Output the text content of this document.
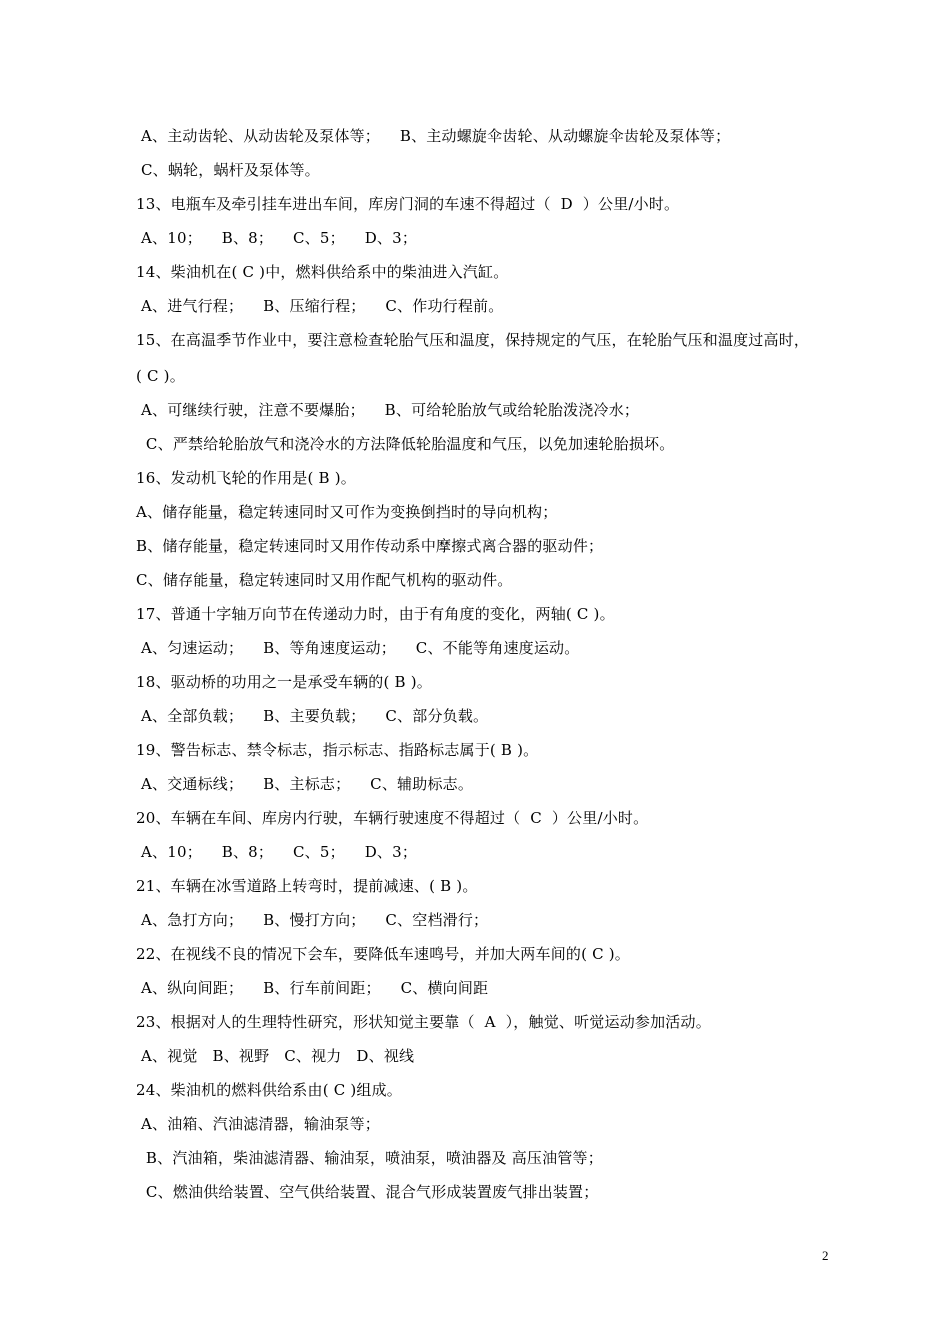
A、主动齿轮、从动齿轮及泵体等；    B、主动螺旋伞齿轮、从动螺旋伞齿轮及泵体等；
C、蜗轮，蜗杆及泵体等。
13、电瓶车及牵引挂车进出车间，库房门洞的车速不得超过（  D  ）公里/小时。
A、10；    B、8；    C、5；    D、3；
14、柴油机在( C )中，燃料供给系中的柴油进入汽缸。
A、进气行程；    B、压缩行程；    C、作功行程前。
15、在高温季节作业中，要注意检查轮胎气压和温度，保持规定的气压，在轮胎气压和温度过高时，
( C )。
A、可继续行驶，注意不要爆胎；    B、可给轮胎放气或给轮胎泼浇冷水；
C、严禁给轮胎放气和浇冷水的方法降低轮胎温度和气压，以免加速轮胎损坏。
16、发动机飞轮的作用是( B )。
A、储存能量，稳定转速同时又可作为变换倒挡时的导向机构；
B、储存能量，稳定转速同时又用作传动系中摩擦式离合器的驱动件；
C、储存能量，稳定转速同时又用作配气机构的驱动件。
17、普通十字轴万向节在传递动力时，由于有角度的变化，两轴( C )。
A、匀速运动；    B、等角速度运动；    C、不能等角速度运动。
18、驱动桥的功用之一是承受车辆的( B )。
A、全部负载；    B、主要负载；    C、部分负载。
19、警告标志、禁令标志，指示标志、指路标志属于( B )。
A、交通标线；    B、主标志；    C、辅助标志。
20、车辆在车间、库房内行驶，车辆行驶速度不得超过（  C  ）公里/小时。
A、10；    B、8；    C、5；    D、3；
21、车辆在冰雪道路上转弯时，提前减速、( B )。
A、急打方向；    B、慢打方向；    C、空档滑行；
22、在视线不良的情况下会车，要降低车速鸣号，并加大两车间的( C )。
A、纵向间距；    B、行车前间距；    C、横向间距
23、根据对人的生理特性研究，形状知觉主要靠（  A  ），触觉、听觉运动参加活动。
A、视觉   B、视野   C、视力   D、视线
24、柴油机的燃料供给系由( C )组成。
A、油箱、汽油滤清器，输油泵等；
B、汽油箱，柴油滤清器、输油泵，喷油泵，喷油器及 高压油管等；
C、燃油供给装置、空气供给装置、混合气形成装置废气排出装置；
2
